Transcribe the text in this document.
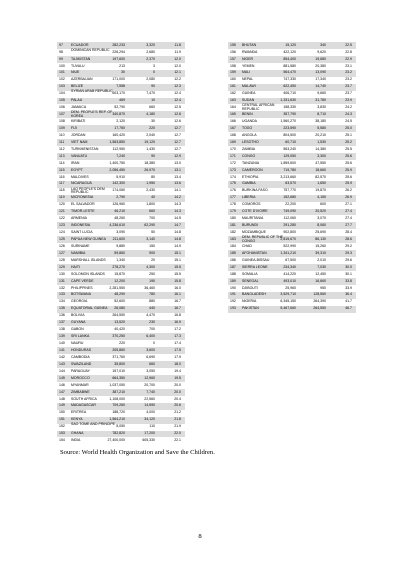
97 ECUADOR	282,233	3,320	11.8
98 DOMINICAN REPUBLIC 226,294	2,680	11.9
99 TAJIKISTAN	197,600	2,370	12.0
100 TUVALU	213	3	12.0
101 NIUE	30	0	12.1
102 AZERBAIJAN	171,000	2,080	12.2
103 BELIZE	7,558	90	12.3
104 SYRIAN ARAB REPUBLIC 603,170	7,470	12.4
105 PALAU	469	10	12.4
106 JAMAICA	52,790	660	12.5
107 DEM. PEOPLE'S REP. OF KOREA	340,870	4,180	12.6
108 KIRIBATI	2,120	30	12.6
109 FIJI	17,750	220	12.7
110 JORDAN	160,420	2,040	12.7
111 VIET NAM	1,563,850	19,120	12.7
112 TURKMENISTAN	112,950	1,430	12.7
113 VANUATU	7,240	90	12.9
114 IRAN	1,400,750	18,380	13.0
115 EGYPT	2,056,450	26,970	13.1
116 MALDIVES	5,910	80	13.4
117 NICARAGUA	142,300	1,950	13.6
118 LAO PEOPLE'S DEM REPUBLIC	174,060	2,430	14.1
119 MICRONESIA	2,790	40	14.2
120 EL SALVADOR	126,960	1,800	14.3
121 TIMOR-LESTE	46,210	660	14.3
122 ARMENIA	48,260	700	14.5
123 INDONESIA	4,236,610	62,290	14.7
124 SAINT LUCIA	3,090	50	14.8
125 PAPUA NEW GUINEA	211,600	3,140	14.8
126 SURINAME	9,880	150	14.9
127 NAMIBIA	59,860	900	15.1
128 MARSHALL ISLANDS	1,340	20	15.1
129 HAITI	278,270	4,300	15.5
130 SOLOMON ISLANDS	15,870	250	15.5
131 CAPE VERDE	12,200	190	15.8
132 PHILIPPINES	2,281,550	36,460	16.0
133 BOTSWANA	48,290	780	16.1
134 GEORGIA	52,600	880	16.7
135 EQUATORIAL GUINEA	26,080	440	16.7
136 BOLIVIA	264,550	4,470	16.8
137 GUYANA	13,520	230	16.9
138 GABON	40,420	700	17.2
139 SRI LANKA	370,250	6,400	17.3
140 NAURU	220	0	17.4
141 HONDURAS	205,860	3,600	17.5
142 CAMBODIA	371,760	6,690	17.9
143 SWAZILAND	35,800	660	18.0
144 PARAGUAY	157,010	3,050	19.4
145 MOROCCO	664,350	12,960	19.5
146 MYANMAR	1,037,050	20,700	20.0
147 ZIMBABWE	387,210	7,740	20.0
148 SOUTH AFRICA	1,108,000	22,560	20.4
149 MADAGASCAR	709,260	14,590	20.6
150 ERITREA	188,720	4,000	21.2
151 KENYA	1,564,210	34,120	21.8
152 SAO TOME AND PRINCIPE 5,050	110	21.9
153 GHANA	782,820	17,200	22.0
154 INDIA	27,400,000	605,330	22.1
155 BHUTAN	15,120	340	22.5
156 RWANDA	422,120	9,620	22.8
157 NIGER	854,400	19,680	22.9
158 YEMEN	881,580	20,380	23.1
159 MALI	564,470	13,090	23.2
160 NEPAL	747,330	17,340	23.2
161 MALAWI	622,450	14,740	23.7
162 GUINEA	406,710	9,660	23.7
163 SUDAN	1,331,630	31,780	23.9
164 CENTRAL AFRICAN REPUBLIC	158,330	3,830	24.2
165 BENIN	357,790	8,710	24.3
166 UGANDA	1,560,270	38,180	24.5
167 TOGO	223,590	5,580	25.0
168 ANGOLA	804,500	20,210	25.1
169 LESOTHO	60,710	1,530	25.2
170 ZAMBIA	563,240	14,380	25.5
171 CONGO	129,050	3,300	25.6
172 TANZANIA	1,859,600	47,550	25.6
173 CAMEROON	719,780	18,660	25.9
174 ETHIOPIA	3,213,660	82,570	25.6
175 GAMBIA	63,570	1,650	25.9
176 BURKINA FASO	757,770	19,870	26.2
177 LIBERIA	152,680	4,150	26.9
178 COMOROS	22,200	600	27.1
179 COTE D'IVOIRE	749,090	20,520	27.4
180 MAURITANIA	112,060	3,070	27.4
181 BURUNDI	291,280	8,060	27.7
182 MOZAMBIQUE	902,800	25,690	28.4
183 DEM. REPUBLIC OF THE CONGO	2,815,670	86,130	28.6
184 CHAD	522,990	15,260	29.2
185 AFGHANISTAN	1,341,210	39,310	29.3
186 GUINEA-BISSAU	67,500	2,010	29.6
187 SIERRA LEONE	234,340	7,030	30.0
188 SOMALIA	414,220	12,450	30.1
189 SENEGAL	493,010	16,660	33.8
190 DJIBOUTI	25,960	950	33.9
191 BANGLADESH	3,529,710	128,560	36.4
192 NIGERIA	6,345,150	264,390	41.7
193 PAKISTAN	5,467,660	264,550	46.7
Source: World Health Organization and Save the Children.
8
